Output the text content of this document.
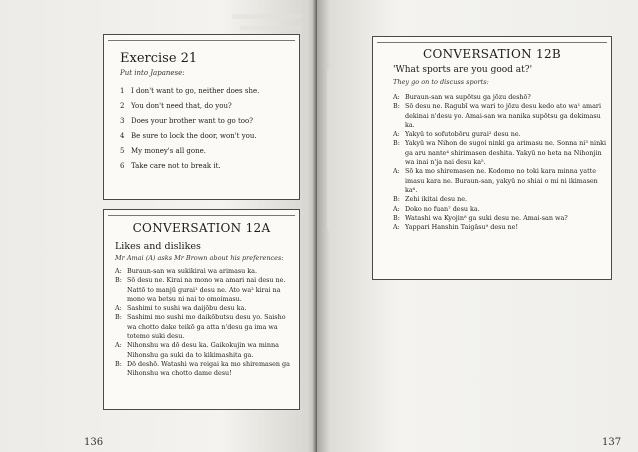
Exercise 21
Put into Japanese:
1 I don't want to go, neither does she.
2 You don't need that, do you?
3 Does your brother want to go too?
4 Be sure to lock the door, won't you.
5 My money's all gone.
6 Take care not to break it.
CONVERSATION 12A
Likes and dislikes
Mr Amai (A) asks Mr Brown about his preferences:
A: Buraun-san wa sukikirai wa arimasu ka.
B: Sō desu ne. Kirai na mono wa amari nai desu ne. Nattō to manjū gurai¹ desu ne. Ato wa² kirai na mono wa betsu ni nai to omoimasu.
A: Sashimi to sushi wa daijōbu desu ka.
B: Sashimi mo sushi mo daikōbutsu desu yo. Saisho wa chotto dake teikō ga atta n'desu ga ima wa totemo suki desu.
A: Nihonshu wa dō desu ka. Gaikokujin wa minna Nihonshu ga suki da to kikimashita ga.
B: Dō deshō. Watashi wa reigai ka mo shiremasen ga Nihonshu wa chotto dame desu!
136
CONVERSATION 12B
'What sports are you good at?'
They go on to discuss sports:
A: Buraun-san wa supōtsu ga jōzu deshō?
B: Sō desu ne. Ragubī wa wari to jōzu desu kedo ato wa¹ amari dekinai n'desu yo. Amai-san wa nanika supōtsu ga dekimasu ka.
A: Yakyū to sofutobōru gurai² desu ne.
B: Yakyū wa Nihon de sugoi ninki ga arimasu ne. Sonna ni³ ninki ga aru nante⁴ shirimasen deshita. Yakyū no heta na Nihonjin wa inai n'ja nai desu ka⁵.
A: Sō ka mo shiremasen ne. Kodomo no toki kara minna yatte imasu kara ne. Buraun-san, yakyū no shiai o mi ni ikimasen ka⁶.
B: Zehi ikitai desu ne.
A: Doko no fuan⁷ desu ka.
B: Watashi wa Kyojin⁸ ga suki desu ne. Amai-san wa?
A: Yappari Hanshin Taigāsu⁹ desu ne!
137
